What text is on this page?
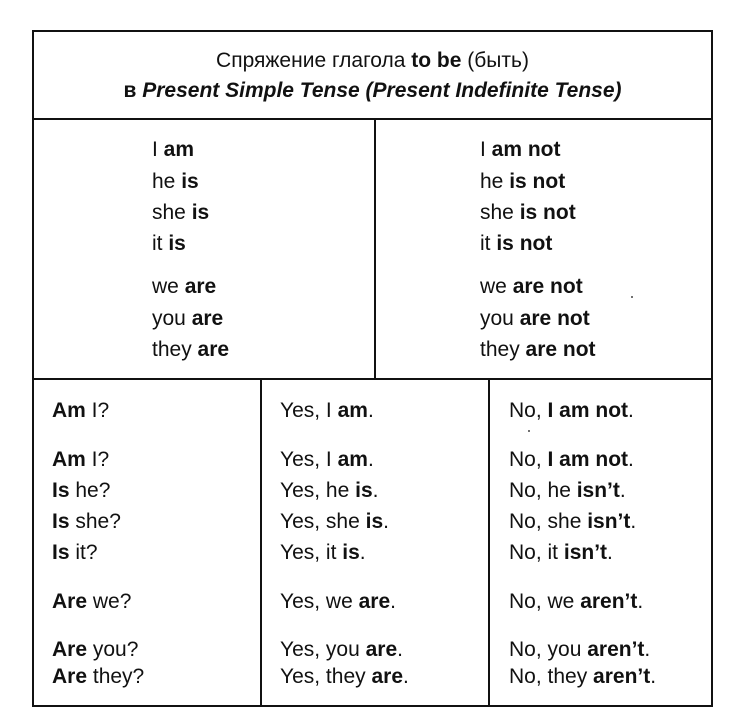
Спряжение глагола to be (быть)
в Present Simple Tense (Present Indefinite Tense)
I am
he is
she is
it is
we are
you are
they are
I am not
he is not
she is not
it is not
we are not
you are not
they are not
Am I?
Am I?
Is he?
Is she?
Is it?
Are we?
Are you?
Are they?
Yes, I am.
Yes, I am.
Yes, he is.
Yes, she is.
Yes, it is.
Yes, we are.
Yes, you are.
Yes, they are.
No, I am not.
No, I am not.
No, he isn’t.
No, she isn’t.
No, it isn’t.
No, we aren’t.
No, you aren’t.
No, they aren’t.
